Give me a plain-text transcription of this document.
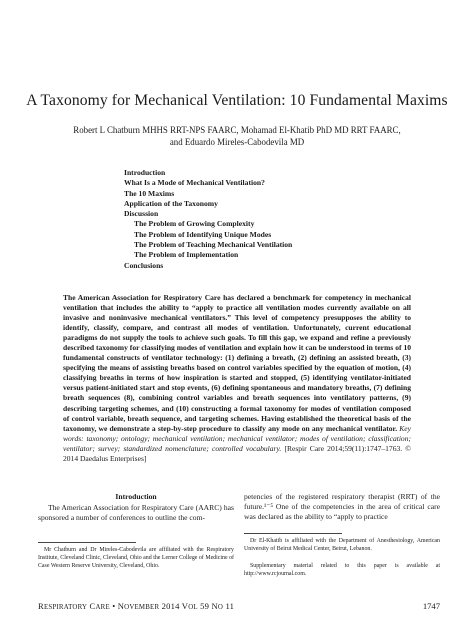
A Taxonomy for Mechanical Ventilation: 10 Fundamental Maxims
Robert L Chatburn MHHS RRT-NPS FAARC, Mohamad El-Khatib PhD MD RRT FAARC,
and Eduardo Mireles-Cabodevila MD
Introduction
What Is a Mode of Mechanical Ventilation?
The 10 Maxims
Application of the Taxonomy
Discussion
The Problem of Growing Complexity
The Problem of Identifying Unique Modes
The Problem of Teaching Mechanical Ventilation
The Problem of Implementation
Conclusions

The American Association for Respiratory Care has declared a benchmark for competency in mechanical ventilation that includes the ability to “apply to practice all ventilation modes currently available on all invasive and noninvasive mechanical ventilators.” This level of competency presupposes the ability to identify, classify, compare, and contrast all modes of ventilation. Unfortunately, current educational paradigms do not supply the tools to achieve such goals. To fill this gap, we expand and refine a previously described taxonomy for classifying modes of ventilation and explain how it can be understood in terms of 10 fundamental constructs of ventilator technology: (1) defining a breath, (2) defining an assisted breath, (3) specifying the means of assisting breaths based on control variables specified by the equation of motion, (4) classifying breaths in terms of how inspiration is started and stopped, (5) identifying ventilator-initiated versus patient-initiated start and stop events, (6) defining spontaneous and mandatory breaths, (7) defining breath sequences (8), combining control variables and breath sequences into ventilatory patterns, (9) describing targeting schemes, and (10) constructing a formal taxonomy for modes of ventilation composed of control variable, breath sequence, and targeting schemes. Having established the theoretical basis of the taxonomy, we demonstrate a step-by-step procedure to classify any mode on any mechanical ventilator. Key words: taxonomy; ontology; mechanical ventilation; mechanical ventilator; modes of ventilation; classification; ventilator; survey; standardized nomenclature; controlled vocabulary. [Respir Care 2014;59(11):1747–1763. © 2014 Daedalus Enterprises]

Introduction

The American Association for Respiratory Care (AARC) has sponsored a number of conferences to outline the com-

petencies of the registered respiratory therapist (RRT) of the future.¹⁻⁵ One of the competencies in the area of critical care was declared as the ability to “apply to practice

Mr Chatburn and Dr Mireles-Cabodevila are affiliated with the Respiratory Institute, Cleveland Clinic, Cleveland, Ohio and the Lerner College of Medicine of Case Western Reserve University, Cleveland, Ohio.

Dr El-Khatib is affiliated with the Department of Anesthesiology, American University of Beirut Medical Center, Beirut, Lebanon.

Supplementary material related to this paper is available at http://www.rcjournal.com.

RESPIRATORY CARE • NOVEMBER 2014 VOL 59 NO 11	1747
